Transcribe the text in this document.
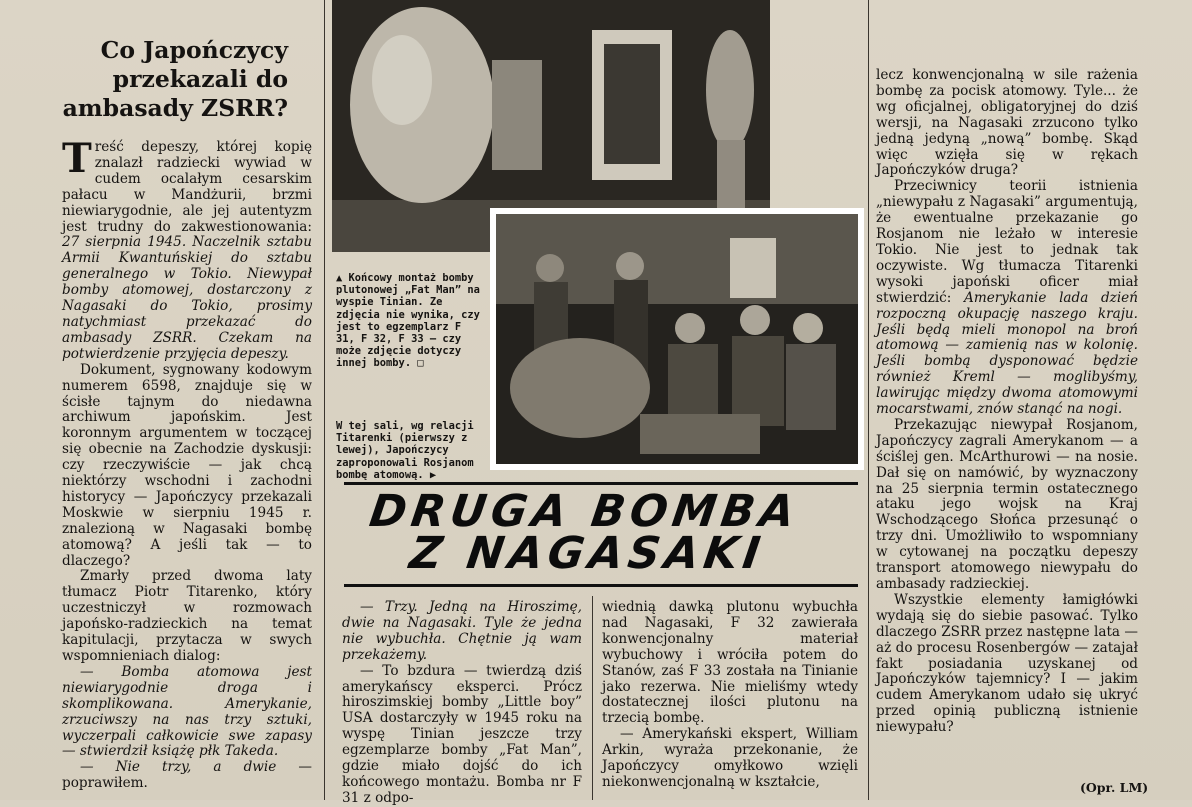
Co Japończycy przekazali do ambasady ZSRR?

Treść depeszy, której kopię znalazł radziecki wywiad w cudem ocalałym cesarskim pałacu w Mandżurii, brzmi niewiarygodnie, ale jej autentyzm jest trudny do zakwestionowania: 27 sierpnia 1945. Naczelnik sztabu Armii Kwantuńskiej do sztabu generalnego w Tokio. Niewypał bomby atomowej, dostarczony z Nagasaki do Tokio, prosimy natychmiast przekazać do ambasady ZSRR. Czekam na potwierdzenie przyjęcia depeszy.

Dokument, sygnowany kodowym numerem 6598, znajduje się w ścisłe tajnym do niedawna archiwum japońskim. Jest koronnym argumentem w toczącej się obecnie na Zachodzie dyskusji: czy rzeczywiście — jak chcą niektórzy wschodni i zachodni historycy — Japończycy przekazali Moskwie w sierpniu 1945 r. znalezioną w Nagasaki bombę atomową? A jeśli tak — to dlaczego?

Zmarły przed dwoma laty tłumacz Piotr Titarenko, który uczestniczył w rozmowach japońsko-radzieckich na temat kapitulacji, przytacza w swych wspomnieniach dialog:

— Bomba atomowa jest niewiarygodnie droga i skomplikowana. Amerykanie, zrzuciwszy na nas trzy sztuki, wyczerpali całkowicie swe zapasy — stwierdził książę płk Takeda.

— Nie trzy, a dwie — poprawiłem.

▲ Końcowy montaż bomby plutonowej „Fat Man” na wyspie Tinian. Ze zdjęcia nie wynika, czy jest to egzemplarz F 31, F 32, F 33 — czy może zdjęcie dotyczy innej bomby. □
W tej sali, wg relacji Titarenki (pierwszy z lewej), Japończycy zaproponowali Rosjanom bombę atomową. ▶
DRUGA BOMBA
Z NAGASAKI

— Trzy. Jedną na Hiroszimę, dwie na Nagasaki. Tyle że jedna nie wybuchła. Chętnie ją wam przekażemy.

— To bzdura — twierdzą dziś amerykańscy eksperci. Prócz hiroszimskiej bomby „Little boy” USA dostarczyły w 1945 roku na wyspę Tinian jeszcze trzy egzemplarze bomby „Fat Man”, gdzie miało dojść do ich końcowego montażu. Bomba nr F 31 z odpo-

wiednią dawką plutonu wybuchła nad Nagasaki, F 32 zawierała konwencjonalny materiał wybuchowy i wróciła potem do Stanów, zaś F 33 została na Tinianie jako rezerwa. Nie mieliśmy wtedy dostatecznej ilości plutonu na trzecią bombę.

— Amerykański ekspert, William Arkin, wyraża przekonanie, że Japończycy omyłkowo wzięli niekonwencjonalną w kształcie,

lecz konwencjonalną w sile rażenia bombę za pocisk atomowy. Tyle... że wg oficjalnej, obligatoryjnej do dziś wersji, na Nagasaki zrzucono tylko jedną jedyną „nową” bombę. Skąd więc wzięła się w rękach Japończyków druga?

Przeciwnicy teorii istnienia „niewypału z Nagasaki” argumentują, że ewentualne przekazanie go Rosjanom nie leżało w interesie Tokio. Nie jest to jednak tak oczywiste. Wg tłumacza Titarenki wysoki japoński oficer miał stwierdzić: Amerykanie lada dzień rozpoczną okupację naszego kraju. Jeśli będą mieli monopol na broń atomową — zamienią nas w kolonię. Jeśli bombą dysponować będzie również Kreml — moglibyśmy, lawirując między dwoma atomowymi mocarstwami, znów stanąć na nogi.

Przekazując niewypał Rosjanom, Japończycy zagrali Amerykanom — a ściślej gen. McArthurowi — na nosie. Dał się on namówić, by wyznaczony na 25 sierpnia termin ostatecznego ataku jego wojsk na Kraj Wschodzącego Słońca przesunąć o trzy dni. Umożliwiło to wspomniany w cytowanej na początku depeszy transport atomowego niewypału do ambasady radzieckiej.

Wszystkie elementy łamigłówki wydają się do siebie pasować. Tylko dlaczego ZSRR przez następne lata — aż do procesu Rosenbergów — zatajał fakt posiadania uzyskanej od Japończyków tajemnicy? I — jakim cudem Amerykanom udało się ukryć przed opinią publiczną istnienie niewypału?

(Opr. LM)
